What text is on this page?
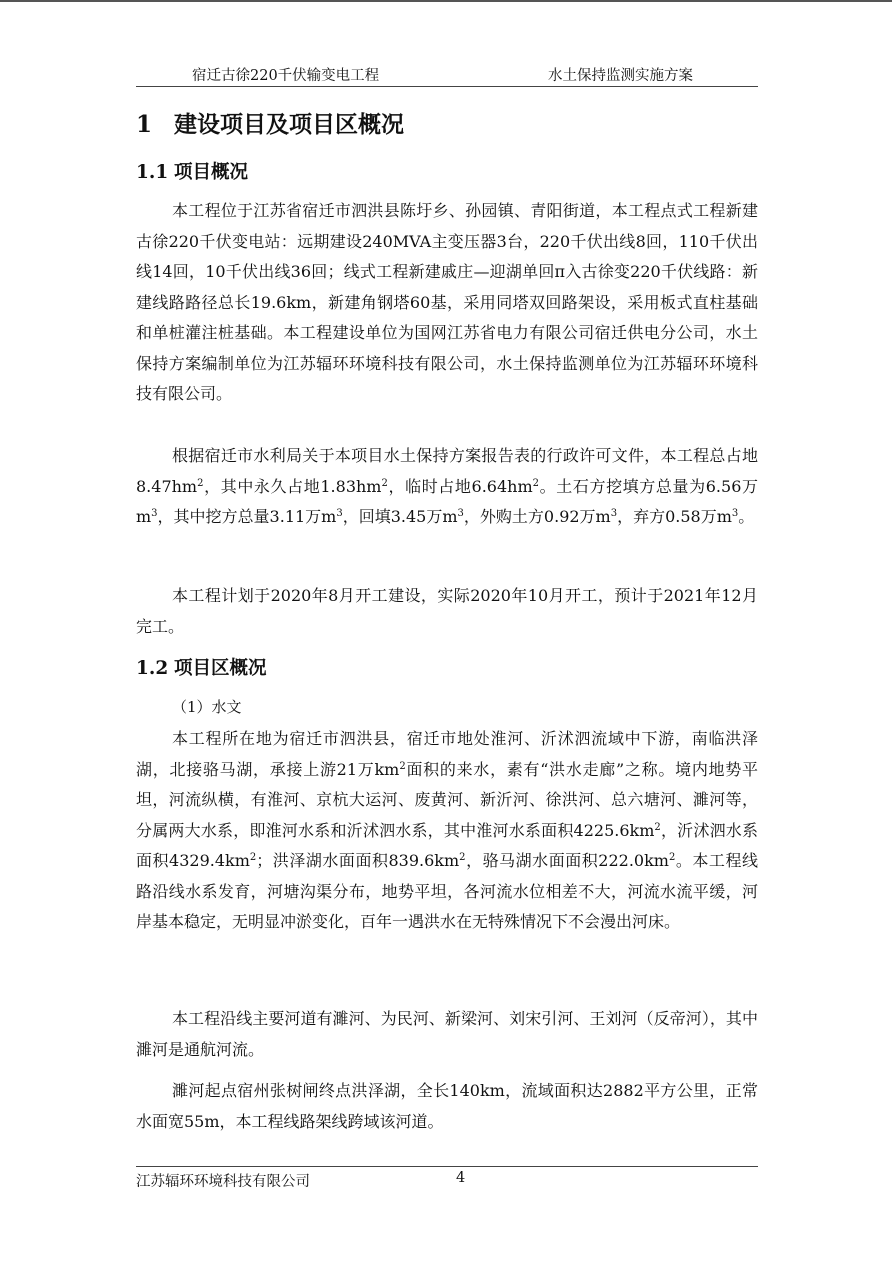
宿迁古徐220千伏输变电工程	水土保持监测实施方案
1 建设项目及项目区概况
1.1 项目概况

本工程位于江苏省宿迁市泗洪县陈圩乡、孙园镇、青阳街道，本工程点式工程新建古徐220千伏变电站：远期建设240MVA主变压器3台，220千伏出线8回，110千伏出线14回，10千伏出线36回；线式工程新建戚庄—迎湖单回π入古徐变220千伏线路：新建线路路径总长19.6km，新建角钢塔60基，采用同塔双回路架设，采用板式直柱基础和单桩灌注桩基础。本工程建设单位为国网江苏省电力有限公司宿迁供电分公司，水土保持方案编制单位为江苏辐环环境科技有限公司，水土保持监测单位为江苏辐环环境科技有限公司。

根据宿迁市水利局关于本项目水土保持方案报告表的行政许可文件，本工程总占地$8.47hm^2$，其中永久占地$1.83hm^2$，临时占地$6.64hm^2$。土石方挖填方总量为6.56万$m^3$，其中挖方总量3.11万$m^3$，回填3.45万$m^3$，外购土方0.92万$m^3$，弃方0.58万$m^3$。

本工程计划于2020年8月开工建设，实际2020年10月开工，预计于2021年12月完工。

1.2 项目区概况
（1）水文

本工程所在地为宿迁市泗洪县，宿迁市地处淮河、沂沭泗流域中下游，南临洪泽湖，北接骆马湖，承接上游21万$km^2$面积的来水，素有“洪水走廊”之称。境内地势平坦，河流纵横，有淮河、京杭大运河、废黄河、新沂河、徐洪河、总六塘河、濉河等，分属两大水系，即淮河水系和沂沭泗水系，其中淮河水系面积$4225.6km^2$，沂沭泗水系面积$4329.4km^2$；洪泽湖水面面积$839.6km^2$，骆马湖水面面积$222.0km^2$。本工程线路沿线水系发育，河塘沟渠分布，地势平坦，各河流水位相差不大，河流水流平缓，河岸基本稳定，无明显冲淤变化，百年一遇洪水在无特殊情况下不会漫出河床。

本工程沿线主要河道有濉河、为民河、新梁河、刘宋引河、王刘河（反帝河），其中濉河是通航河流。

濉河起点宿州张树闸终点洪泽湖，全长140km，流域面积达2882平方公里，正常水面宽55m，本工程线路架线跨域该河道。

江苏辐环环境科技有限公司	4
